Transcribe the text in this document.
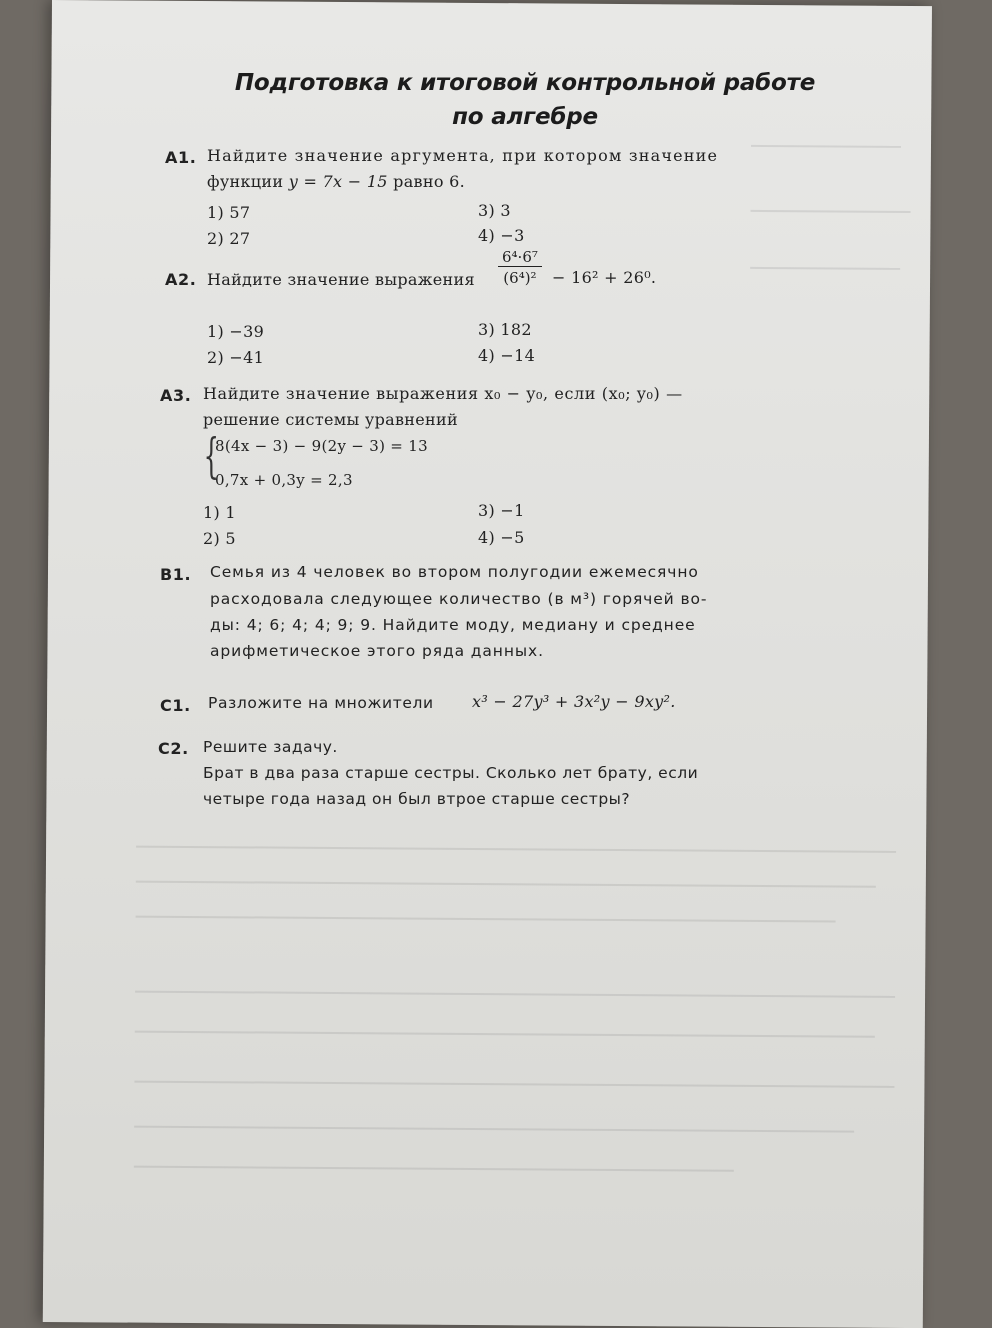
Подготовка к итоговой контрольной работе
по алгебре
А1. Найдите значение аргумента, при котором значение
функции y = 7x − 15 равно 6.
1) 57
2) 27
3) 3
4) −3
А2. Найдите значение выражения $\frac{\text{6⁴·6⁷}}{\text{(6⁴)²}} - 16^2 + 26^0$.
1) −39
2) −41
3) 182
4) −14
А3. Найдите значение выражения x₀ − y₀, если (x₀; y₀) —
решение системы уравнений
{
8(4x − 3) − 9(2y − 3) = 13
0,7x + 0,3y = 2,3
1) 1
2) 5
3) −1
4) −5
В1. Семья из 4 человек во втором полугодии ежемесячно
расходовала следующее количество (в м³) горячей во-
ды: 4; 6; 4; 4; 9; 9. Найдите моду, медиану и среднее
арифметическое этого ряда данных.
С1. Разложите на множители x³ − 27y³ + 3x²y − 9xy².
С2. Решите задачу.
Брат в два раза старше сестры. Сколько лет брату, если
четыре года назад он был втрое старше сестры?
